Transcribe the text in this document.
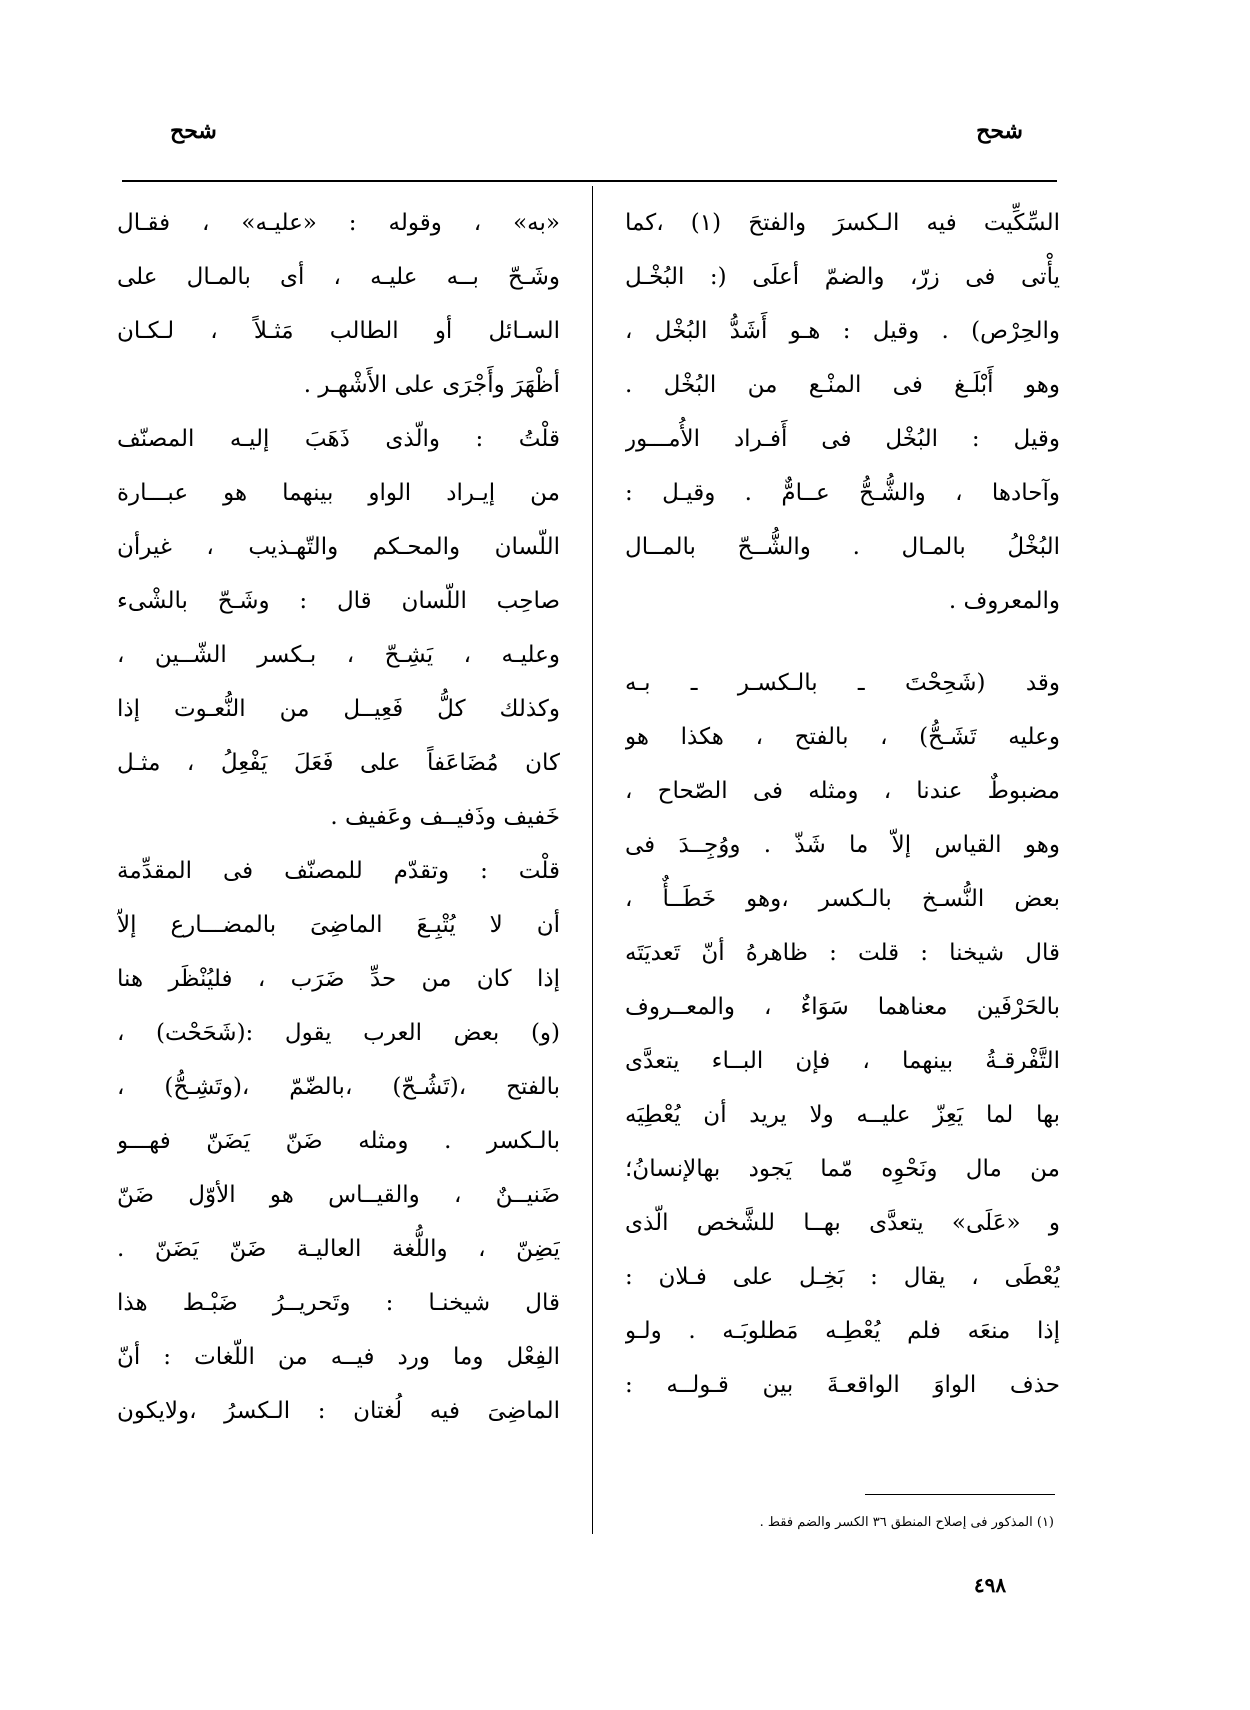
شحح
شحح
السِّكِّيت فيه الـكسرَ والفتحَ (١) ،كما
يأْتى فى زرّ، والضمّ أعلَى (: البُخْـل
والحِرْص) . وقيل : هـو أَشَدُّ البُخْل ،
وهو أَبْلَـغ فى المنْـع من البُخْل .
وقيل : البُخْل فى أَفـراد الأُمـــور
وآحادها ، والشُّـحُّ عــامٌّ . وقيـل :
البُخْلُ بالمـال . والشُّــحّ بالمــال
والمعروف .
وقد (شَحِحْتَ ـ بالـكسـر ـ بـه
وعليه تَشَـحُّ) ، بالفتح ، هكذا هو
مضبوطٌ عندنا ، ومثله فى الصّحاح ،
وهو القياس إلاّ ما شَذّ . ووُجِــدَ فى
بعض النُّسـخ بالـكسر ،وهو خَطَــأٌ ،
قال شيخنا : قلت : ظاهرهُ أنّ تَعديَتَه
بالحَرْفَين معناهما سَوَاءٌ ، والمعــروف
التَّفْرقـةُ بينهما ، فإن البــاء يتعدَّى
بها لما يَعِزّ عليــه ولا يريد أن يُعْطِيَه
من مال ونَحْوِه مّما يَجود بهالإنسانُ؛
و «عَلَى» يتعدَّى بهــا للشَّخص الّذى
يُعْطَى ، يقال : بَخِـل على فـلان :
إذا منعَه فلم يُعْطِـه مَطلوبَـه . ولـو
حذف الواوَ الواقعـةَ بين قـولــه :
«به» ، وقوله : «عليـه» ، فقـال
وشَـحّ بــه عليـه ، أى بالمـال على
السـائل أو الطالب مَثـلاً ، لـكـان
أظْهَرَ وأَجْرَى على الأَشْهـر .
قلْتُ : والّذى ذَهَبَ إليـه المصنّف
من إيـراد الواو بينهما هو عبـــارة
اللّسان والمحـكم والتّهـذيب ، غيرأن
صاحِب اللّسان قال : وشَـحّ بالشْىء
وعليـه ، يَشِـحّ ، بـكسر الشّــين ،
وكذلك كلُّ فَعِيــل من النُّعـوت إذا
كان مُضَاعَفاً على فَعَلَ يَفْعِلُ ، مثـل
خَفيف وذَفيــف وعَفيف .
قلْت : وتقدّم للمصنّف فى المقدِّمة
أن لا يُتْبِـعَ الماضِىَ بالمضـــارع إلاّ
إذا كان من حدِّ ضَرَب ، فليُنْظَر هنا
(و) بعض العرب يقول :(شَحَحْت) ،
بالفتح ،(تَشُـحّ) ،بالضّمّ ،(وتَشِـحُّ) ،
بالـكسر . ومثله ضَنّ يَضَنّ فهـــو
ضَنيــنٌ ، والقيــاس هو الأوّل ضَنّ
يَضِنّ ، واللُّغة العاليـة ضَنّ يَضَنّ .
قال شيخنـا : وتَحريــرُ ضَبْـط هذا
الفِعْل وما ورد فيــه من اللّغات : أنّ
الماضِىَ فيه لُغتان : الـكسرُ ،ولايكون
(١) المذكور فى إصلاح المنطق ٣٦ الكسر والضم فقط .
٤٩٨
